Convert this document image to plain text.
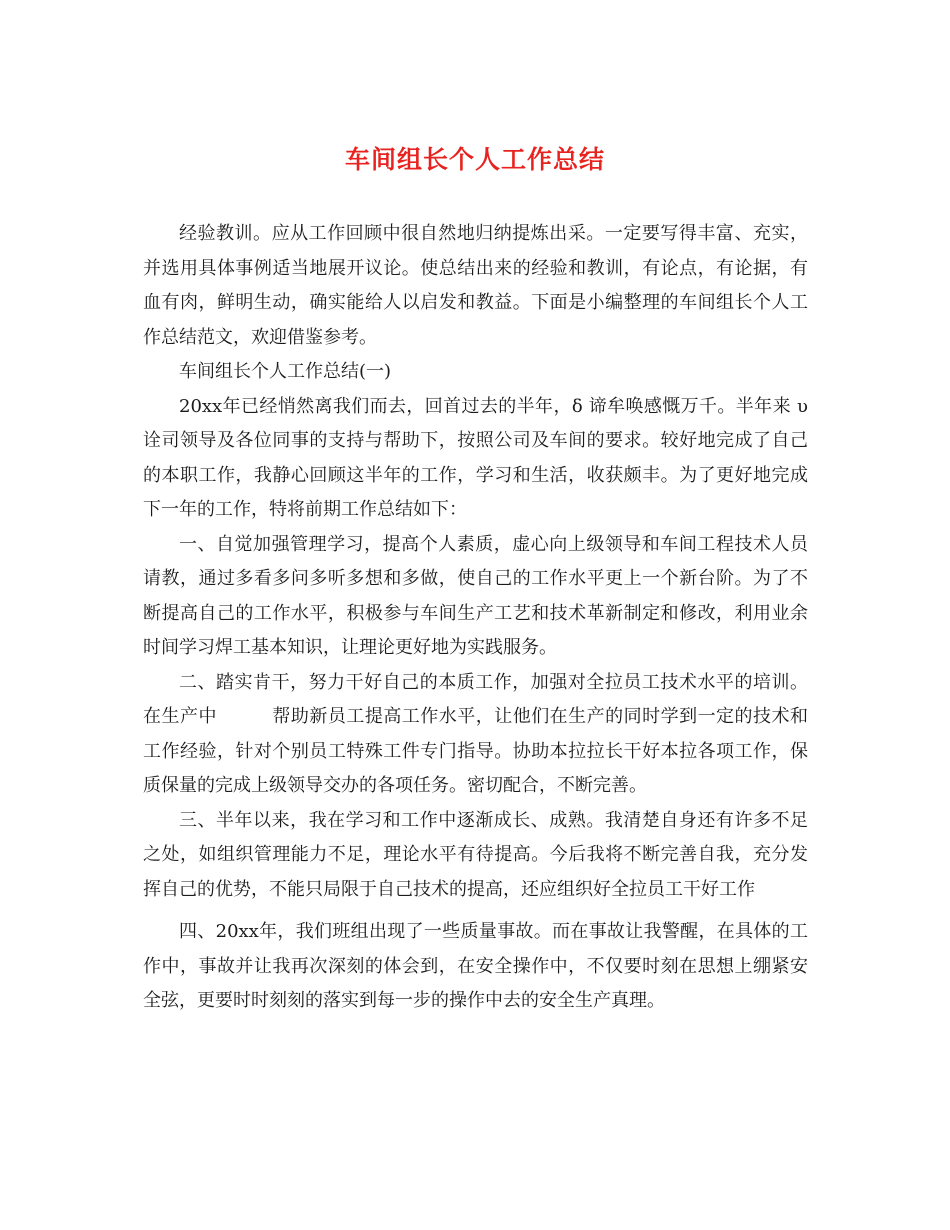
车间组长个人工作总结

经验教训。应从工作回顾中很自然地归纳提炼出采。一定要写得丰富、充实，并选用具体事例适当地展开议论。使总结出来的经验和教训，有论点，有论据，有血有肉，鲜明生动，确实能给人以启发和教益。下面是小编整理的车间组长个人工作总结范文，欢迎借鉴参考。

车间组长个人工作总结(一)

20xx年已经悄然离我们而去，回首过去的半年，δ 谛牟唤感慨万千。半年来 υ 诠司领导及各位同事的支持与帮助下，按照公司及车间的要求。较好地完成了自己的本职工作，我静心回顾这半年的工作，学习和生活，收获颇丰。为了更好地完成下一年的工作，特将前期工作总结如下：

一、自觉加强管理学习，提高个人素质，虚心向上级领导和车间工程技术人员请教，通过多看多问多听多想和多做，使自己的工作水平更上一个新台阶。为了不断提高自己的工作水平，积极参与车间生产工艺和技术革新制定和修改，利用业余时间学习焊工基本知识，让理论更好地为实践服务。

二、踏实肯干，努力干好自己的本质工作，加强对全拉员工技术水平的培训。在生产中　　　帮助新员工提高工作水平，让他们在生产的同时学到一定的技术和工作经验，针对个别员工特殊工件专门指导。协助本拉拉长干好本拉各项工作，保质保量的完成上级领导交办的各项任务。密切配合，不断完善。

三、半年以来，我在学习和工作中逐渐成长、成熟。我清楚自身还有许多不足之处，如组织管理能力不足，理论水平有待提高。今后我将不断完善自我，充分发挥自己的优势，不能只局限于自己技术的提高，还应组织好全拉员工干好工作

四、20xx年，我们班组出现了一些质量事故。而在事故让我警醒，在具体的工作中，事故并让我再次深刻的体会到，在安全操作中，不仅要时刻在思想上绷紧安全弦，更要时时刻刻的落实到每一步的操作中去的安全生产真理。
